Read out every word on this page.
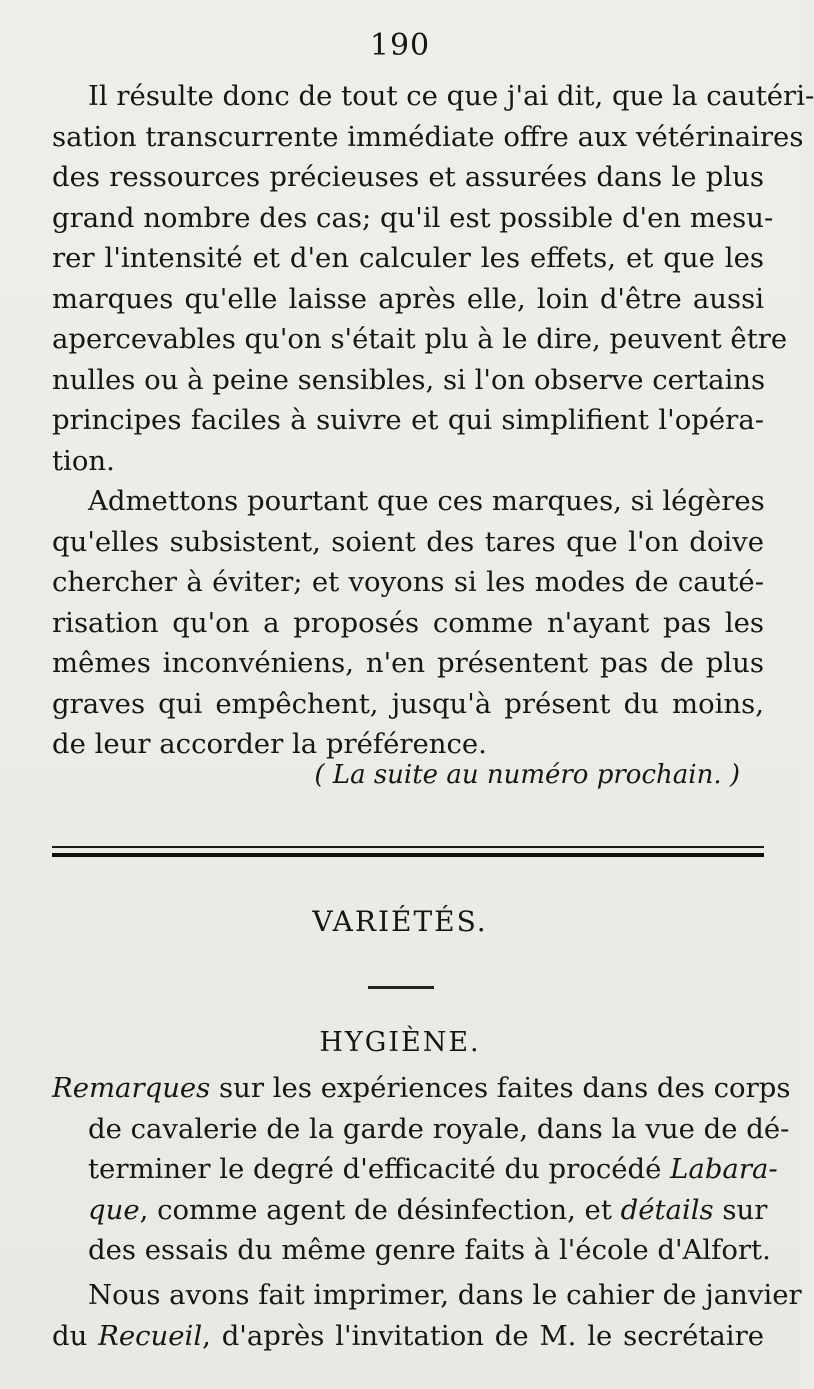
190
Il résulte donc de tout ce que j'ai dit, que la cautéri-
sation transcurrente immédiate offre aux vétérinaires
des ressources précieuses et assurées dans le plus
grand nombre des cas; qu'il est possible d'en mesu-
rer l'intensité et d'en calculer les effets, et que les
marques qu'elle laisse après elle, loin d'être aussi
apercevables qu'on s'était plu à le dire, peuvent être
nulles ou à peine sensibles, si l'on observe certains
principes faciles à suivre et qui simplifient l'opéra-
tion.
Admettons pourtant que ces marques, si légères
qu'elles subsistent, soient des tares que l'on doive
chercher à éviter; et voyons si les modes de cauté-
risation qu'on a proposés comme n'ayant pas les
mêmes inconvéniens, n'en présentent pas de plus
graves qui empêchent, jusqu'à présent du moins,
de leur accorder la préférence.
( La suite au numéro prochain. )
VARIÉTÉS.
HYGIÈNE.
Remarques sur les expériences faites dans des corps
de cavalerie de la garde royale, dans la vue de dé-
terminer le degré d'efficacité du procédé Labara-
que, comme agent de désinfection, et détails sur
des essais du même genre faits à l'école d'Alfort.
Nous avons fait imprimer, dans le cahier de janvier
du Recueil, d'après l'invitation de M. le secrétaire
